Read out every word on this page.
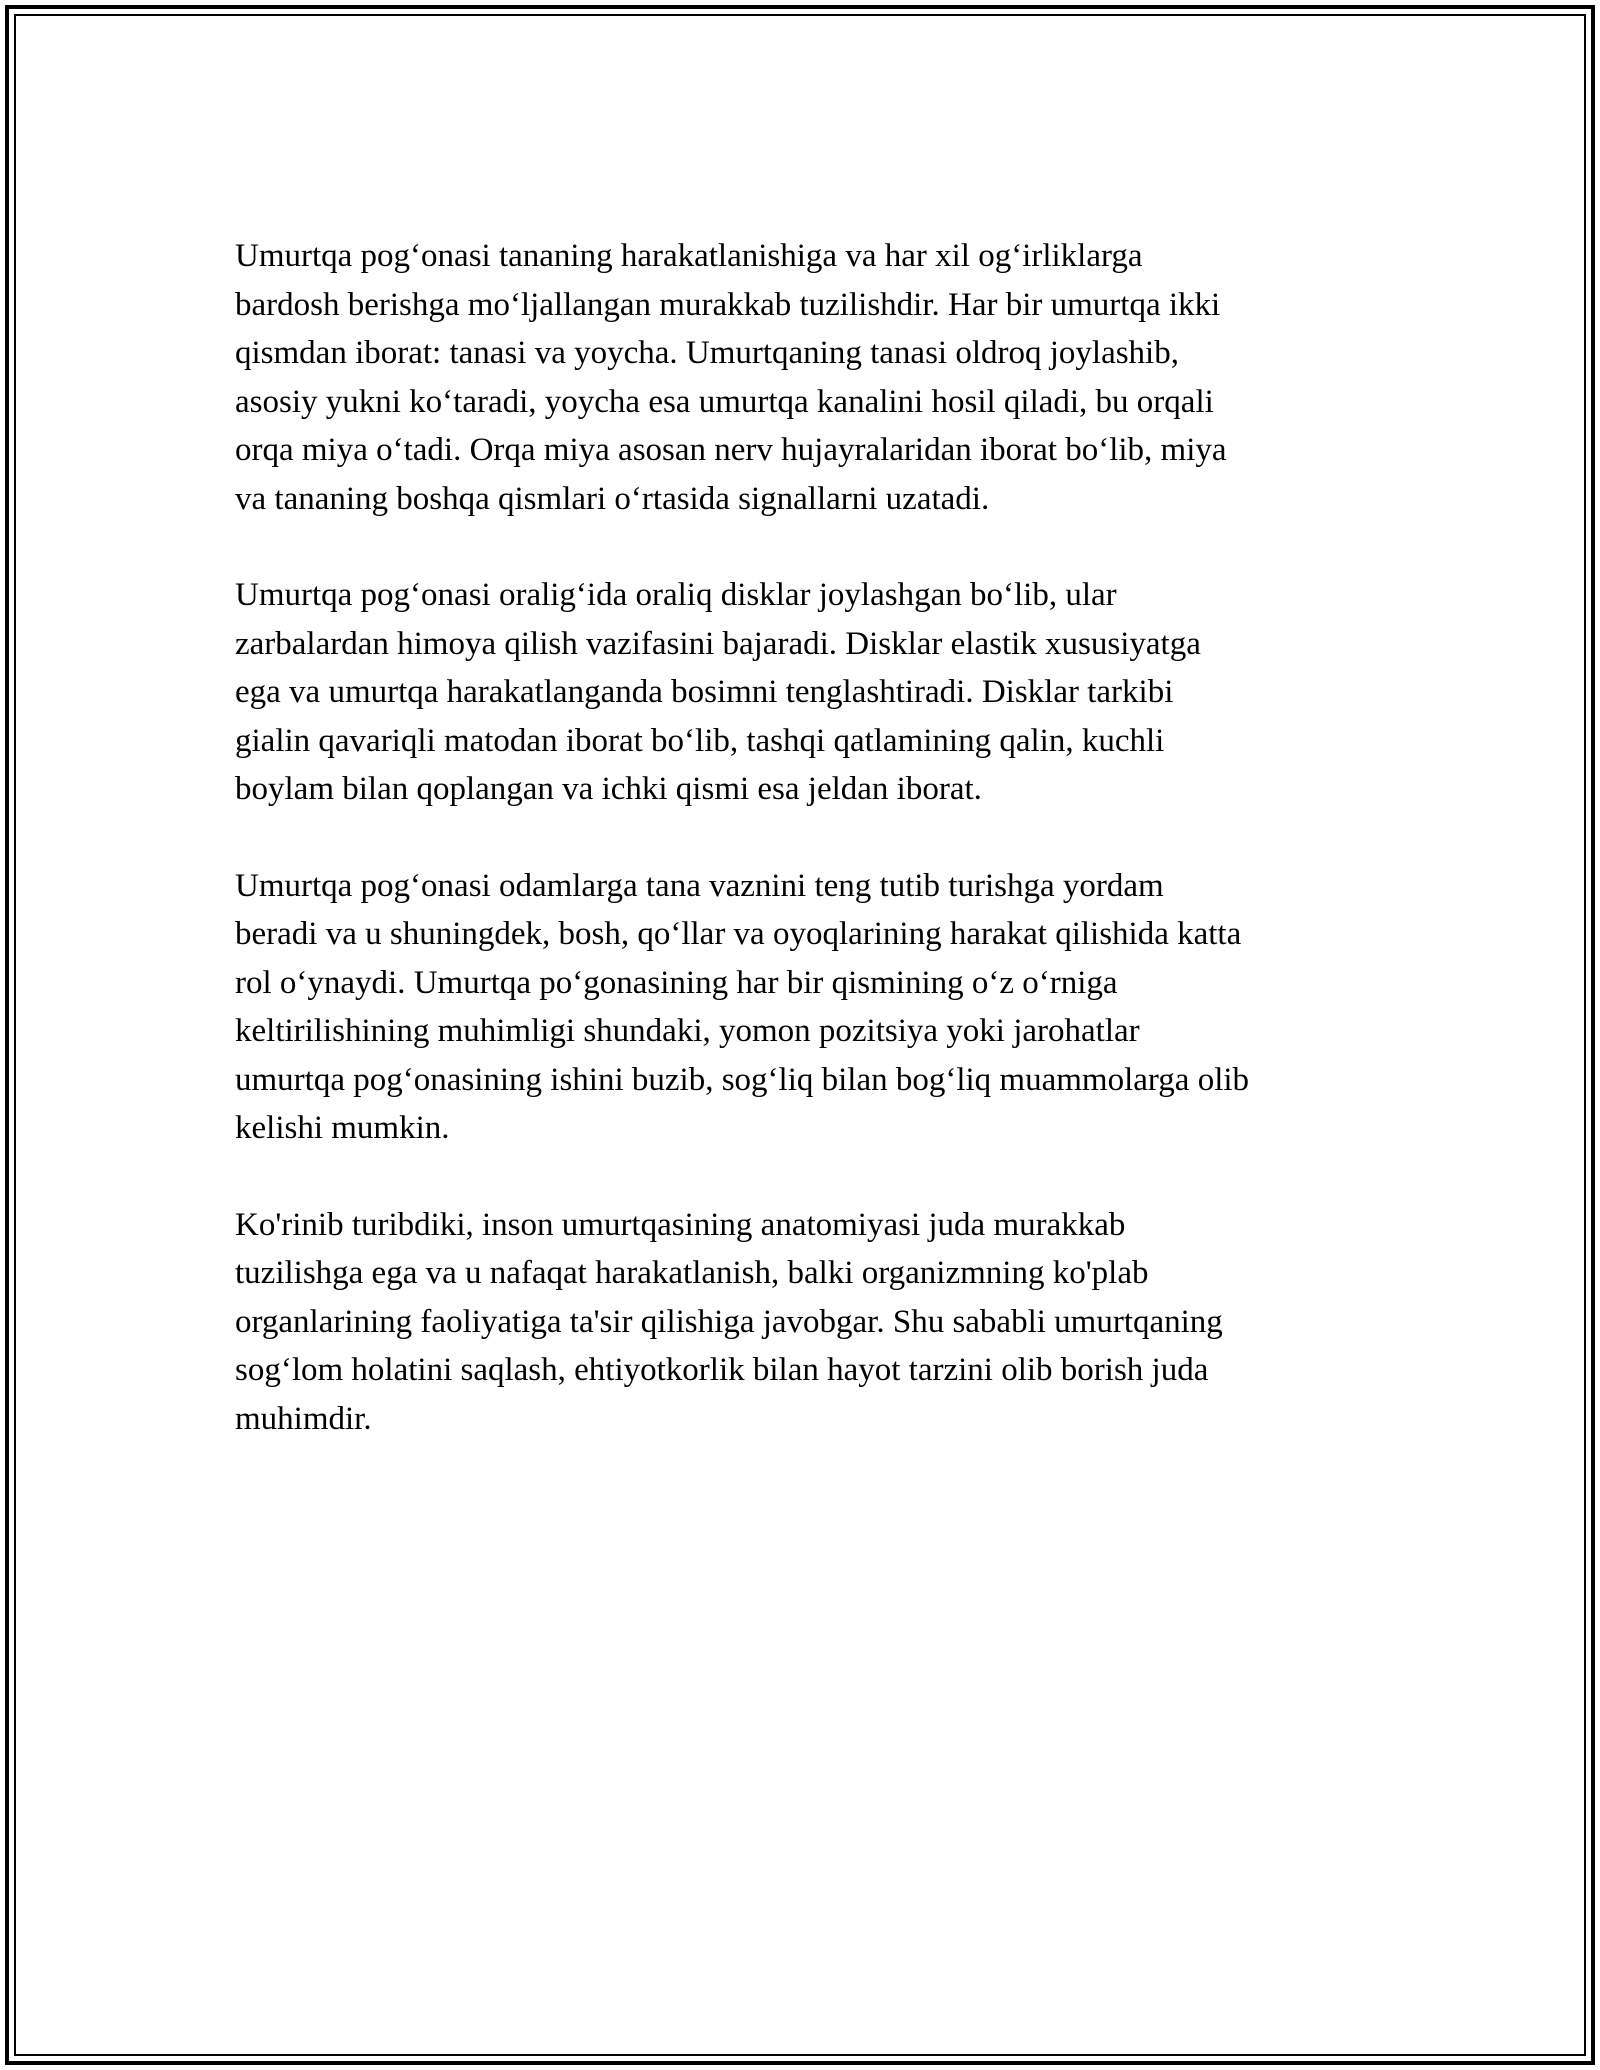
Umurtqa pog‘onasi tananing harakatlanishiga va har xil og‘irliklarga
bardosh berishga mo‘ljallangan murakkab tuzilishdir. Har bir umurtqa ikki
qismdan iborat: tanasi va yoycha. Umurtqaning tanasi oldroq joylashib,
asosiy yukni ko‘taradi, yoycha esa umurtqa kanalini hosil qiladi, bu orqali
orqa miya o‘tadi. Orqa miya asosan nerv hujayralaridan iborat bo‘lib, miya
va tananing boshqa qismlari o‘rtasida signallarni uzatadi.

Umurtqa pog‘onasi oralig‘ida oraliq disklar joylashgan bo‘lib, ular
zarbalardan himoya qilish vazifasini bajaradi. Disklar elastik xususiyatga
ega va umurtqa harakatlanganda bosimni tenglashtiradi. Disklar tarkibi
gialin qavariqli matodan iborat bo‘lib, tashqi qatlamining qalin, kuchli
boylam bilan qoplangan va ichki qismi esa jeldan iborat.

Umurtqa pog‘onasi odamlarga tana vaznini teng tutib turishga yordam
beradi va u shuningdek, bosh, qo‘llar va oyoqlarining harakat qilishida katta
rol o‘ynaydi. Umurtqa po‘gonasining har bir qismining o‘z o‘rniga
keltirilishining muhimligi shundaki, yomon pozitsiya yoki jarohatlar
umurtqa pog‘onasining ishini buzib, sog‘liq bilan bog‘liq muammolarga olib
kelishi mumkin.

Ko'rinib turibdiki, inson umurtqasining anatomiyasi juda murakkab
tuzilishga ega va u nafaqat harakatlanish, balki organizmning ko'plab
organlarining faoliyatiga ta'sir qilishiga javobgar. Shu sababli umurtqaning
sog‘lom holatini saqlash, ehtiyotkorlik bilan hayot tarzini olib borish juda
muhimdir.
